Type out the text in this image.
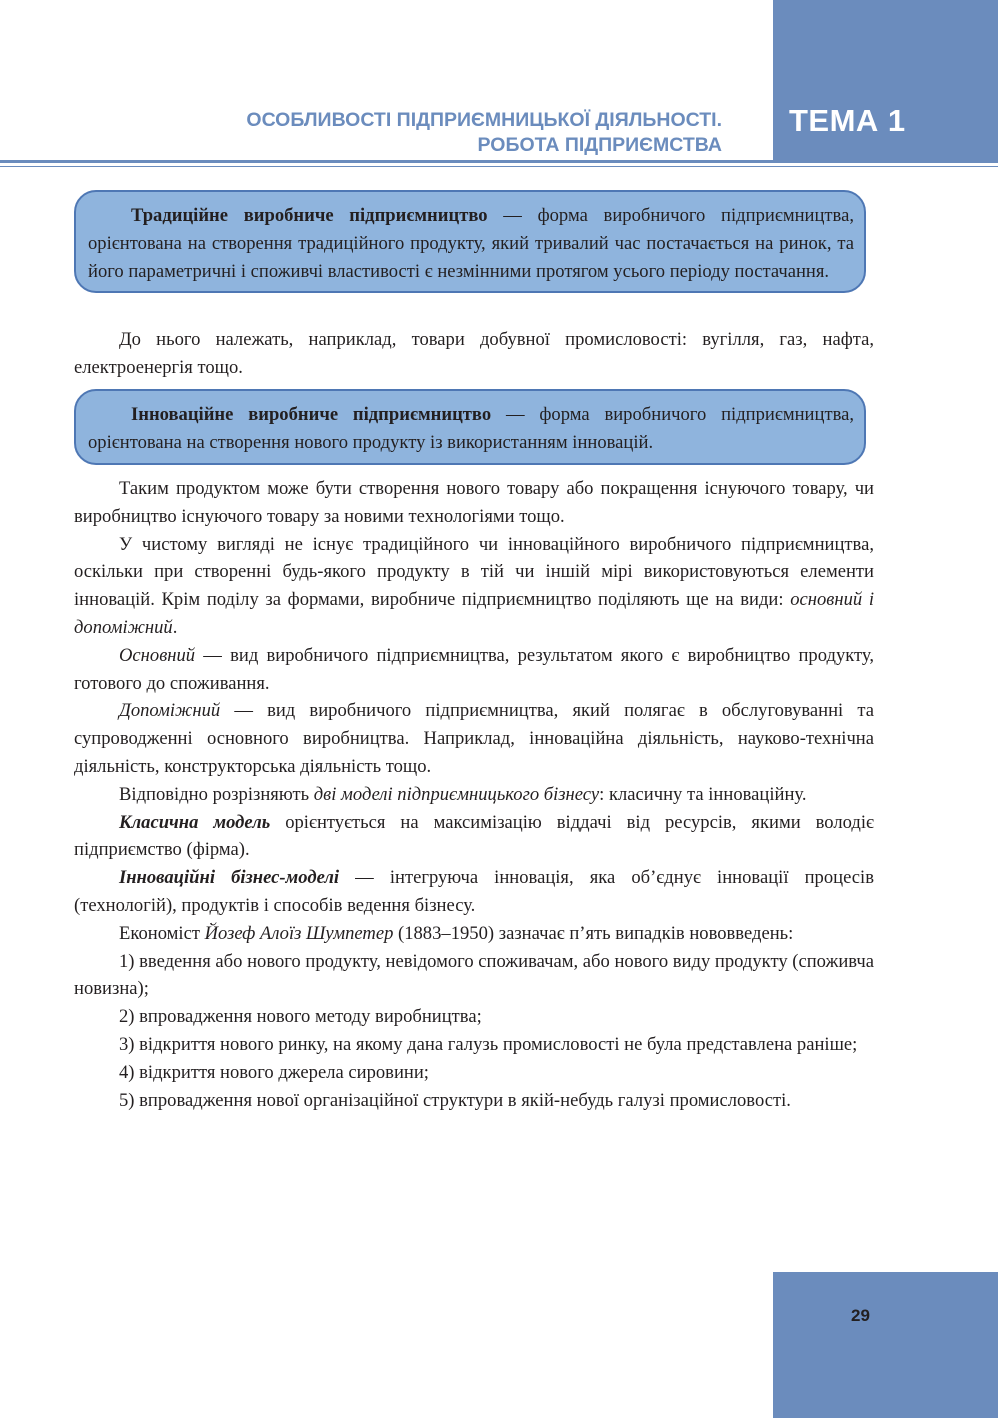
ТЕМА 1
ОСОБЛИВОСТІ ПІДПРИЄМНИЦЬКОЇ ДІЯЛЬНОСТІ.
РОБОТА ПІДПРИЄМСТВА

Традиційне виробниче підприємництво — форма виробничого підприємництва, орієнтована на створення традиційного продукту, який тривалий час постачається на ринок, та його параметричні і споживчі властивості є незмінними протягом усього періоду постачання.

До нього належать, наприклад, товари добувної промисловості: вугілля, газ, нафта, електроенергія тощо.

Інноваційне виробниче підприємництво — форма виробничого підприємництва, орієнтована на створення нового продукту із використанням інновацій.

Таким продуктом може бути створення нового товару або покращення існуючого товару, чи виробництво існуючого товару за новими технологіями тощо.

У чистому вигляді не існує традиційного чи інноваційного виробничого підприємництва, оскільки при створенні будь-якого продукту в тій чи іншій мірі використовуються елементи інновацій. Крім поділу за формами, виробниче підприємництво поділяють ще на види: основний і допоміжний.

Основний — вид виробничого підприємництва, результатом якого є виробництво продукту, готового до споживання.

Допоміжний — вид виробничого підприємництва, який полягає в обслуговуванні та супроводженні основного виробництва. Наприклад, інноваційна діяльність, науково-технічна діяльність, конструкторська діяльність тощо.

Відповідно розрізняють дві моделі підприємницького бізнесу: класичну та інноваційну.

Класична модель орієнтується на максимізацію віддачі від ресурсів, якими володіє підприємство (фірма).

Інноваційні бізнес-моделі — інтегруюча інновація, яка об’єднує інновації процесів (технологій), продуктів і способів ведення бізнесу.

Економіст Йозеф Алоїз Шумпетер (1883–1950) зазначає п’ять випадків нововведень:

1) введення або нового продукту, невідомого споживачам, або нового виду продукту (споживча новизна);

2) впровадження нового методу виробництва;

3) відкриття нового ринку, на якому дана галузь промисловості не була представлена раніше;

4) відкриття нового джерела сировини;

5) впровадження нової організаційної структури в якій-небудь галузі промисловості.

29
